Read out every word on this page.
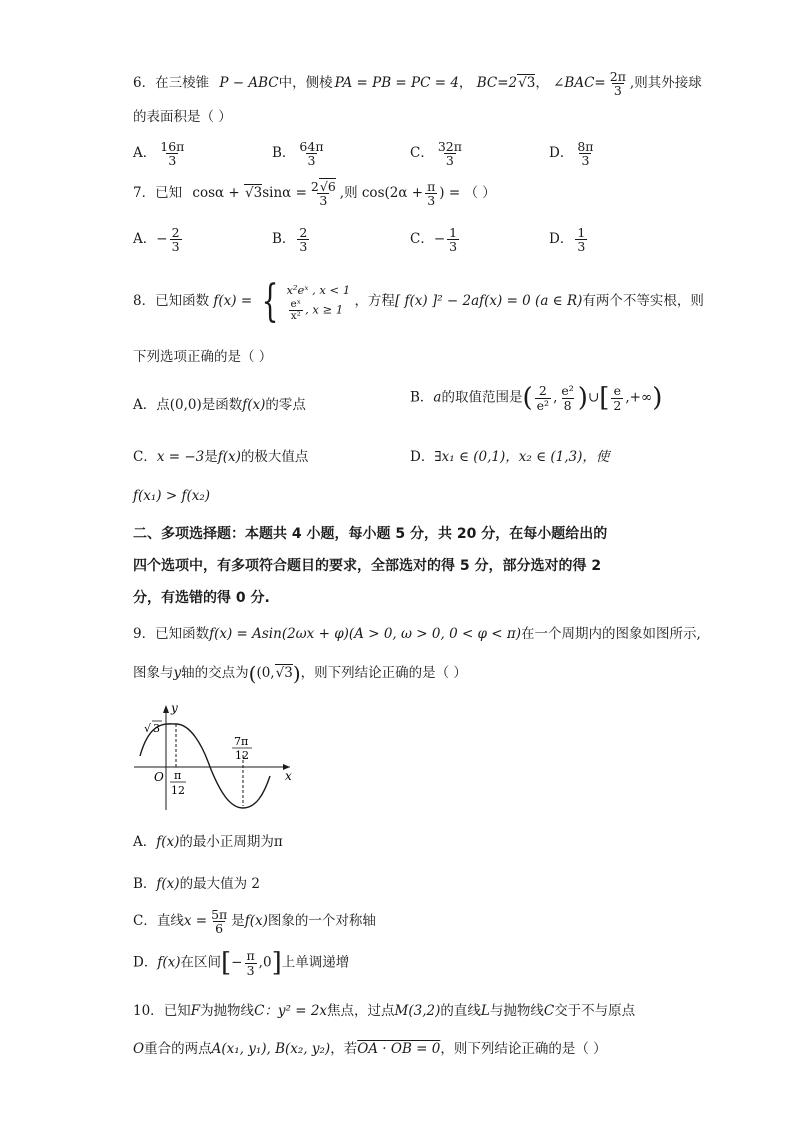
6．在三棱锥 P − ABC中，侧棱 PA = PB = PC = 4， BC=2√3， ∠BAC= $\frac{2\pi}{3}$ ,则其外接球
的表面积是（ ）
A． $\frac{16\pi}{3}$	B． $\frac{64\pi}{3}$	C． $\frac{32\pi}{3}$	D． $\frac{8\pi}{3}$
7．已知 $\cos\alpha + √3\sin\alpha = \frac{2√6}{3}$ ,则 $\cos(2\alpha + \frac{\pi}{3}$ ) = （ ）
A．− $\frac{2}{3}$	B． $\frac{2}{3}$	C．− $\frac{1}{3}$	D． $\frac{1}{3}$
8．已知函数 f(x) = { x²eˣ , x < 1
$\frac{\text{eˣ}}{\text{x²}}$ , x ≥ 1
，方程[ f(x) ]² − 2af(x) = 0 (a ∈ R)有两个不等实根，则
下列选项正确的是（ ）
A．点(0,0)是函数f(x)的零点	B．a的取值范围是( $\frac{2}{\text{e²}}$ , $\frac{\text{e²}}{8}$ )∪[ $\frac{e}{2}$ ,+∞)
C．x = −3是f(x)的极大值点	D．∃x₁ ∈ (0,1)，x₂ ∈ (1,3)，使
f(x₁) > f(x₂)
二、多项选择题：本题共 4 小题，每小题 5 分，共 20 分，在每小题给出的
四个选项中，有多项符合题目的要求，全部选对的得 5 分，部分选对的得 2
分，有选错的得 0 分.
9．已知函数f(x) = Asin(2ωx + φ)(A > 0, ω > 0, 0 < φ < π)在一个周期内的图象如图所示,
图象与y轴的交点为((0,√3)，则下列结论正确的是（ ）
y
x
O
√ 3
π
12
7π
12
A．f(x)的最小正周期为π
B．f(x)的最大值为 2
C．直线$x = \frac{5\pi}{6}$ 是f(x)图象的一个对称轴
D．f(x)在区间[− $\frac{\pi}{3} ,0$]上单调递增
10．已知F为抛物线C：y² = 2x焦点，过点M(3,2)的直线L与抛物线C交于不与原点
O重合的两点A(x₁, y₁), B(x₂, y₂)，若OA · OB = 0，则下列结论正确的是（ ）
